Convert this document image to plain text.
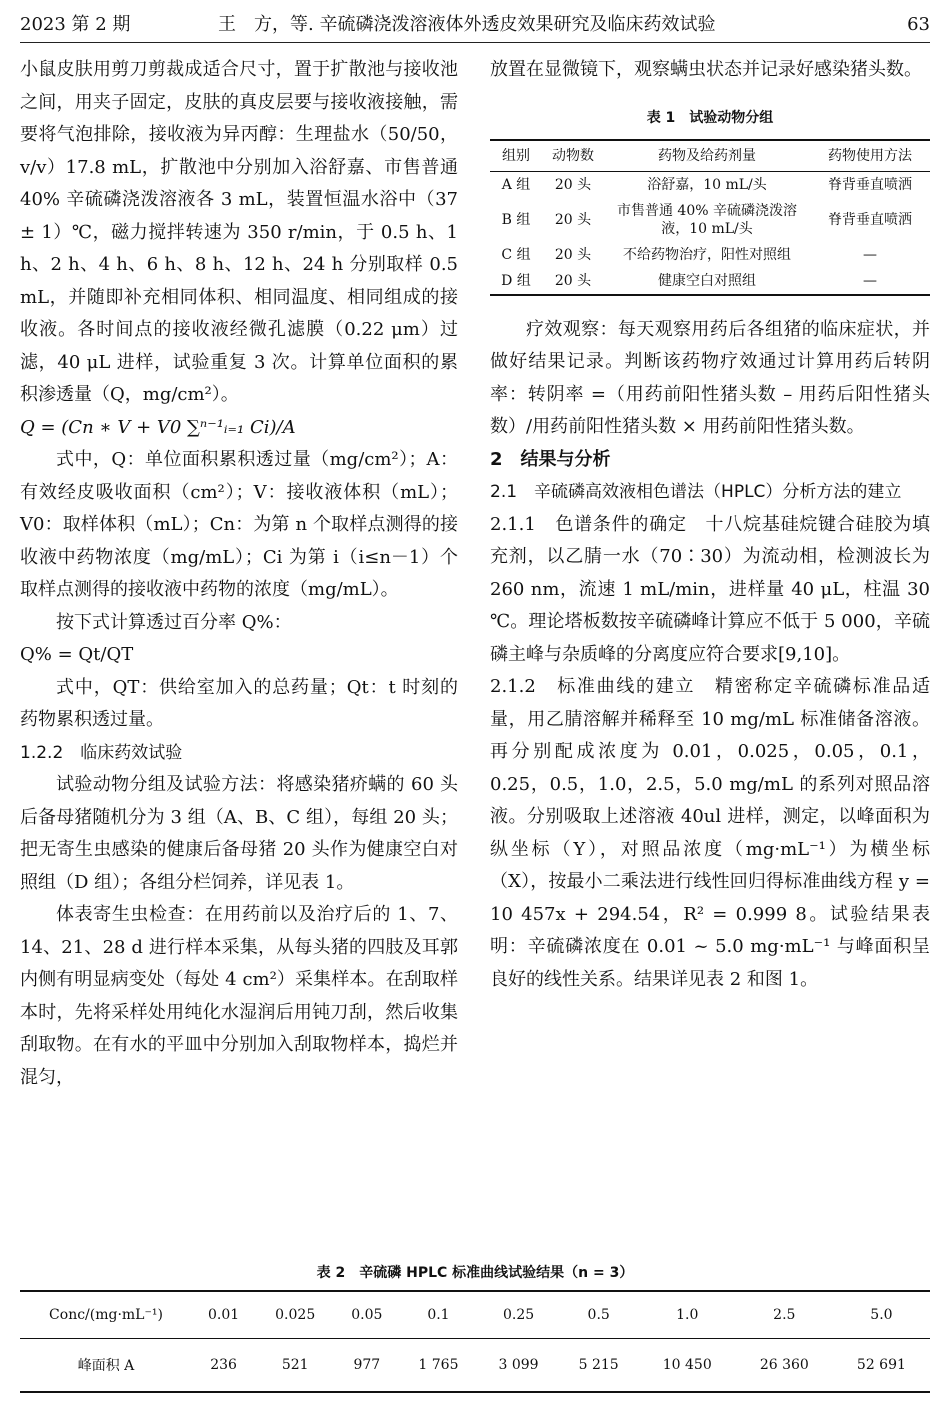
2023 第 2 期	王　方，等. 辛硫磷浇泼溶液体外透皮效果研究及临床药效试验	63

小鼠皮肤用剪刀剪裁成适合尺寸，置于扩散池与接收池之间，用夹子固定，皮肤的真皮层要与接收液接触，需要将气泡排除，接收液为异丙醇：生理盐水（50/50，v/v）17.8 mL，扩散池中分别加入浴舒嘉、市售普通 40% 辛硫磷浇泼溶液各 3 mL，装置恒温水浴中（37 ± 1）℃，磁力搅拌转速为 350 r/min，于 0.5 h、1 h、2 h、4 h、6 h、8 h、12 h、24 h 分别取样 0.5 mL，并随即补充相同体积、相同温度、相同组成的接收液。各时间点的接收液经微孔滤膜（0.22 μm）过滤，40 μL 进样，试验重复 3 次。计算单位面积的累积渗透量（Q，mg/cm²）。

Q = (Cn ∗ V + V0 ∑ⁿ⁻¹ᵢ₌₁ Ci)/A

式中，Q：单位面积累积透过量（mg/cm²）；A：有效经皮吸收面积（cm²）；V：接收液体积（mL）；V0：取样体积（mL）；Cn：为第 n 个取样点测得的接收液中药物浓度（mg/mL）；Ci 为第 i（i≤n－1）个取样点测得的接收液中药物的浓度（mg/mL）。

按下式计算透过百分率 Q%：

Q% = Qt/QT

式中，QT：供给室加入的总药量；Qt：t 时刻的药物累积透过量。

1.2.2　临床药效试验

试验动物分组及试验方法：将感染猪疥螨的 60 头后备母猪随机分为 3 组（A、B、C 组），每组 20 头；把无寄生虫感染的健康后备母猪 20 头作为健康空白对照组（D 组）；各组分栏饲养，详见表 1。

体表寄生虫检查：在用药前以及治疗后的 1、7、14、21、28 d 进行样本采集，从每头猪的四肢及耳郭内侧有明显病变处（每处 4 cm²）采集样本。在刮取样本时，先将采样处用纯化水湿润后用钝刀刮，然后收集刮取物。在有水的平皿中分别加入刮取物样本，捣烂并混匀，

放置在显微镜下，观察螨虫状态并记录好感染猪头数。

表 1　试验动物分组
组别	动物数	药物及给药剂量	药物使用方法
A 组	20 头	浴舒嘉，10 mL/头	脊背垂直喷洒
B 组	20 头	市售普通 40% 辛硫磷浇泼溶液，10 mL/头	脊背垂直喷洒
C 组	20 头	不给药物治疗，阳性对照组	—
D 组	20 头	健康空白对照组	—

疗效观察：每天观察用药后各组猪的临床症状，并做好结果记录。判断该药物疗效通过计算用药后转阴率：转阴率 =（用药前阳性猪头数 – 用药后阳性猪头数）/用药前阳性猪头数 × 用药前阳性猪头数。

2　结果与分析

2.1　辛硫磷高效液相色谱法（HPLC）分析方法的建立

2.1.1　色谱条件的确定　十八烷基硅烷键合硅胶为填充剂，以乙腈一水（70∶30）为流动相，检测波长为 260 nm，流速 1 mL/min，进样量 40 μL，柱温 30 ℃。理论塔板数按辛硫磷峰计算应不低于 5 000，辛硫磷主峰与杂质峰的分离度应符合要求[9,10]。

2.1.2　标准曲线的建立　精密称定辛硫磷标准品适量，用乙腈溶解并稀释至 10 mg/mL 标准储备溶液。再分别配成浓度为 0.01，0.025，0.05，0.1，0.25，0.5，1.0，2.5，5.0 mg/mL 的系列对照品溶液。分别吸取上述溶液 40ul 进样，测定，以峰面积为纵坐标（Y），对照品浓度（mg·mL⁻¹）为横坐标（X），按最小二乘法进行线性回归得标准曲线方程 y = 10 457x + 294.54，R² = 0.999 8。试验结果表明：辛硫磷浓度在 0.01 ~ 5.0 mg·mL⁻¹ 与峰面积呈良好的线性关系。结果详见表 2 和图 1。

表 2　辛硫磷 HPLC 标准曲线试验结果（n = 3）
Conc/(mg·mL⁻¹)	0.01	0.025	0.05	0.1	0.25	0.5	1.0	2.5	5.0
峰面积 A	236	521	977	1 765	3 099	5 215	10 450	26 360	52 691
